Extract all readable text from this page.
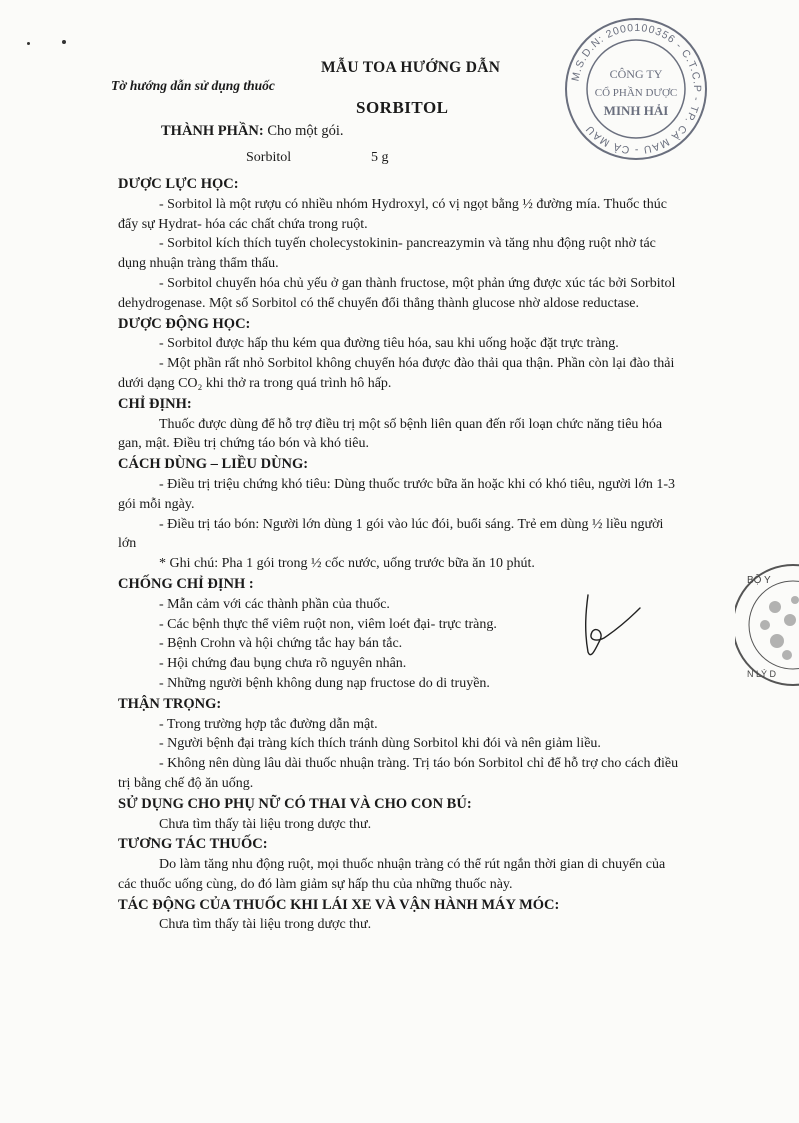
Tờ hướng dẫn sử dụng thuốc
MẪU TOA HƯỚNG DẪN
SORBITOL
THÀNH PHẦN: Cho một gói.
Sorbitol	5 g
M.S.D.N: 2000100356 - C.T.C.P - TP. CÀ MAU - CÀ MAU
CÔNG TY
CỔ PHẦN DƯỢC
MINH HẢI
BỘ Y
N LÝ D
DƯỢC LỰC HỌC:
- Sorbitol là một rượu có nhiều nhóm Hydroxyl, có vị ngọt bằng ½ đường mía. Thuốc thúc đẩy sự Hydrat- hóa các chất chứa trong ruột.
- Sorbitol kích thích tuyến cholecystokinin- pancreazymin và tăng nhu động ruột nhờ tác dụng nhuận tràng thẩm thấu.
- Sorbitol chuyển hóa chủ yếu ở gan thành fructose, một phản ứng được xúc tác bởi Sorbitol dehydrogenase. Một số Sorbitol có thể chuyển đổi thẳng thành glucose nhờ aldose reductase.
DƯỢC ĐỘNG HỌC:
- Sorbitol được hấp thu kém qua đường tiêu hóa, sau khi uống hoặc đặt trực tràng.
- Một phần rất nhỏ Sorbitol không chuyển hóa được đào thải qua thận. Phần còn lại đào thải dưới dạng CO₂ khi thở ra trong quá trình hô hấp.
CHỈ ĐỊNH:
Thuốc được dùng để hỗ trợ điều trị một số bệnh liên quan đến rối loạn chức năng tiêu hóa gan, mật. Điều trị chứng táo bón và khó tiêu.
CÁCH DÙNG – LIỀU DÙNG:
- Điều trị triệu chứng khó tiêu: Dùng thuốc trước bữa ăn hoặc khi có khó tiêu, người lớn 1-3 gói mỗi ngày.
- Điều trị táo bón: Người lớn dùng 1 gói vào lúc đói, buổi sáng. Trẻ em dùng ½ liều người lớn
* Ghi chú: Pha 1 gói trong ½ cốc nước, uống trước bữa ăn 10 phút.
CHỐNG CHỈ ĐỊNH :
- Mẫn cảm với các thành phần của thuốc.
- Các bệnh thực thể viêm ruột non, viêm loét đại- trực tràng.
- Bệnh Crohn và hội chứng tắc hay bán tắc.
- Hội chứng đau bụng chưa rõ nguyên nhân.
- Những người bệnh không dung nạp fructose do di truyền.
THẬN TRỌNG:
- Trong trường hợp tắc đường dẫn mật.
- Người bệnh đại tràng kích thích tránh dùng Sorbitol khi đói và nên giảm liều.
- Không nên dùng lâu dài thuốc nhuận tràng. Trị táo bón Sorbitol chỉ để hỗ trợ cho cách điều trị bằng chế độ ăn uống.
SỬ DỤNG CHO PHỤ NỮ CÓ THAI VÀ CHO CON BÚ:
Chưa tìm thấy tài liệu trong dược thư.
TƯƠNG TÁC THUỐC:
Do làm tăng nhu động ruột, mọi thuốc nhuận tràng có thể rút ngắn thời gian di chuyển của các thuốc uống cùng, do đó làm giảm sự hấp thu của những thuốc này.
TÁC ĐỘNG CỦA THUỐC KHI LÁI XE VÀ VẬN HÀNH MÁY MÓC:
Chưa tìm thấy tài liệu trong dược thư.
